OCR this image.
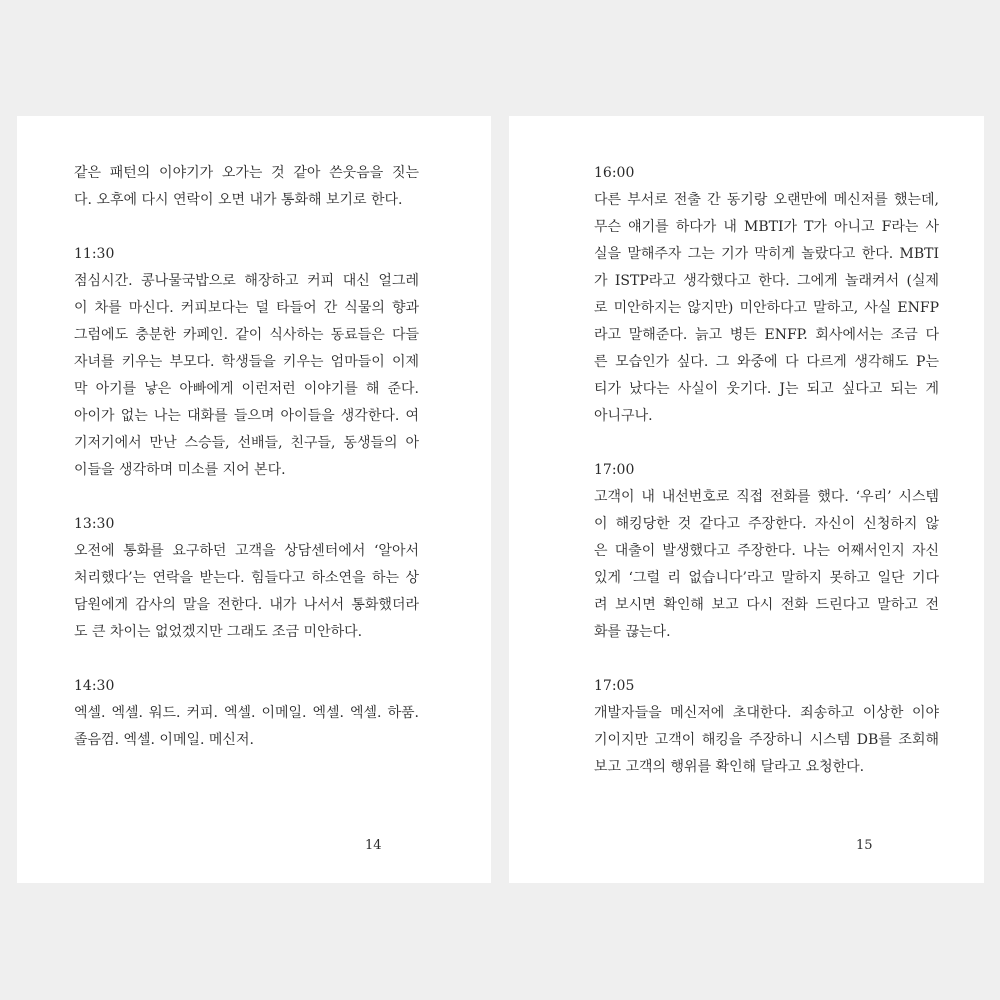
같은 패턴의 이야기가 오가는 것 같아 쓴웃음을 짓는
다. 오후에 다시 연락이 오면 내가 통화해 보기로 한다.
11:30
점심시간. 콩나물국밥으로 해장하고 커피 대신 얼그레
이 차를 마신다. 커피보다는 덜 타들어 간 식물의 향과
그럼에도 충분한 카페인. 같이 식사하는 동료들은 다들
자녀를 키우는 부모다. 학생들을 키우는 엄마들이 이제
막 아기를 낳은 아빠에게 이런저런 이야기를 해 준다.
아이가 없는 나는 대화를 들으며 아이들을 생각한다. 여
기저기에서 만난 스승들, 선배들, 친구들, 동생들의 아
이들을 생각하며 미소를 지어 본다.
13:30
오전에 통화를 요구하던 고객을 상담센터에서 ‘알아서
처리했다’는 연락을 받는다. 힘들다고 하소연을 하는 상
담원에게 감사의 말을 전한다. 내가 나서서 통화했더라
도 큰 차이는 없었겠지만 그래도 조금 미안하다.
14:30
엑셀. 엑셀. 워드. 커피. 엑셀. 이메일. 엑셀. 엑셀. 하품.
졸음껌. 엑셀. 이메일. 메신저.
14
16:00
다른 부서로 전출 간 동기랑 오랜만에 메신저를 했는데,
무슨 얘기를 하다가 내 MBTI가 T가 아니고 F라는 사
실을 말해주자 그는 기가 막히게 놀랐다고 한다. MBTI
가 ISTP라고 생각했다고 한다. 그에게 놀래켜서 (실제
로 미안하지는 않지만) 미안하다고 말하고, 사실 ENFP
라고 말해준다. 늙고 병든 ENFP. 회사에서는 조금 다
른 모습인가 싶다. 그 와중에 다 다르게 생각해도 P는
티가 났다는 사실이 웃기다. J는 되고 싶다고 되는 게
아니구나.
17:00
고객이 내 내선번호로 직접 전화를 했다. ‘우리’ 시스템
이 해킹당한 것 같다고 주장한다. 자신이 신청하지 않
은 대출이 발생했다고 주장한다. 나는 어째서인지 자신
있게 ‘그럴 리 없습니다’라고 말하지 못하고 일단 기다
려 보시면 확인해 보고 다시 전화 드린다고 말하고 전
화를 끊는다.
17:05
개발자들을 메신저에 초대한다. 죄송하고 이상한 이야
기이지만 고객이 해킹을 주장하니 시스템 DB를 조회해
보고 고객의 행위를 확인해 달라고 요청한다.
15
